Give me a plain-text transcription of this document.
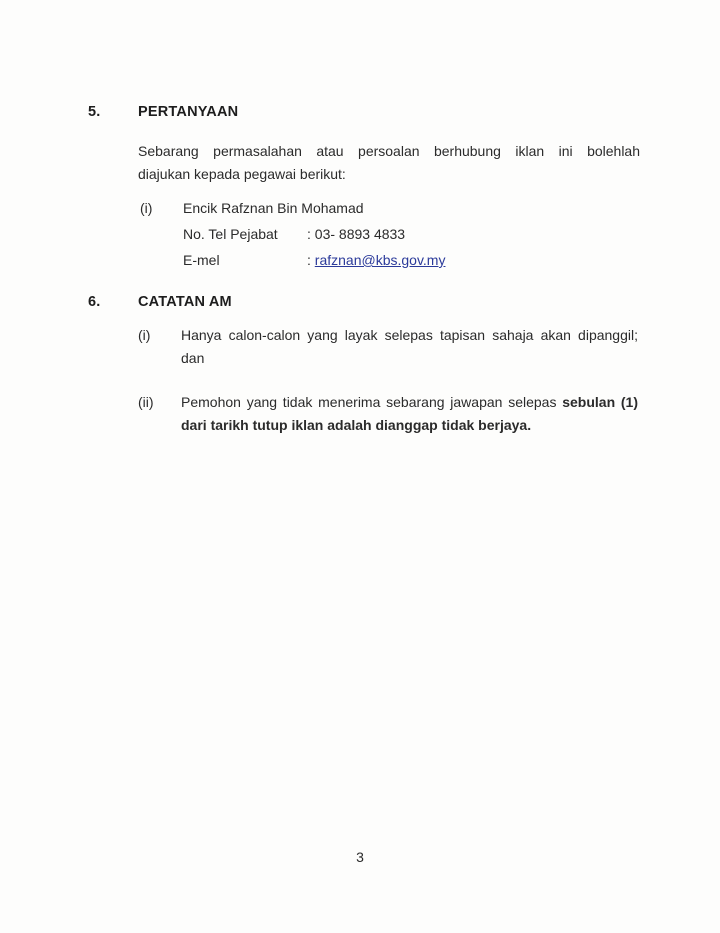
5.	PERTANYAAN
Sebarang permasalahan atau persoalan berhubung iklan ini bolehlah
diajukan kepada pegawai berikut:
(i)	Encik Rafznan Bin Mohamad
No. Tel Pejabat	: 03- 8893 4833
E-mel	: rafznan@kbs.gov.my
6.	CATATAN AM
(i)	Hanya calon-calon yang layak selepas tapisan sahaja akan dipanggil;
dan
(ii)	Pemohon yang tidak menerima sebarang jawapan selepas sebulan (1)
dari tarikh tutup iklan adalah dianggap tidak berjaya.
3
